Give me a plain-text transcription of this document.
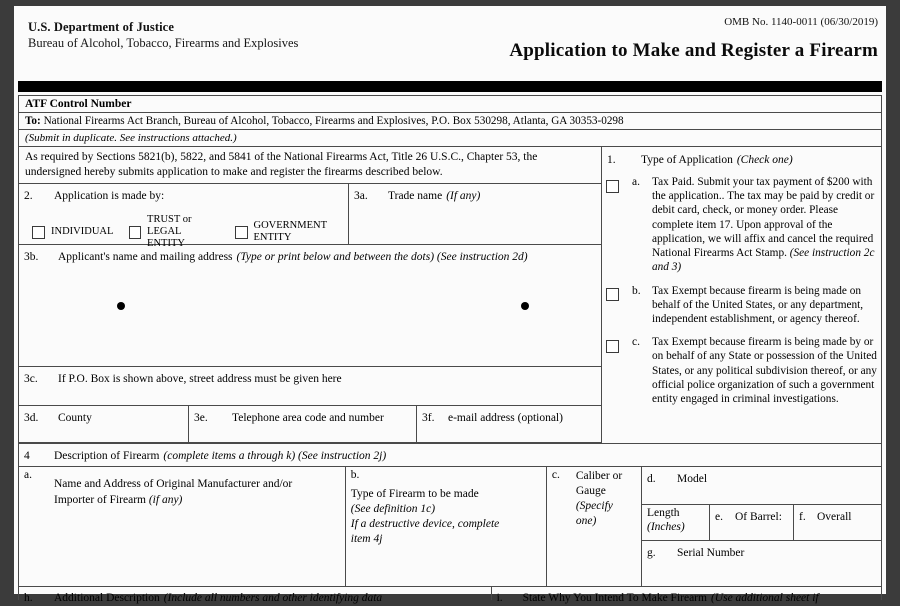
U.S. Department of Justice
Bureau of Alcohol, Tobacco, Firearms and Explosives
OMB No. 1140-0011 (06/30/2019)
Application to Make and Register a Firearm
ATF Control Number
To: National Firearms Act Branch, Bureau of Alcohol, Tobacco, Firearms and Explosives, P.O. Box 530298, Atlanta, GA 30353-0298
(Submit in duplicate. See instructions attached.)
As required by Sections 5821(b), 5822, and 5841 of the National Firearms Act, Title 26 U.S.C., Chapter 53, the undersigned hereby submits application to make and register the firearms described below.
2. Application is made by:
INDIVIDUAL
TRUST or LEGAL
ENTITY
GOVERNMENT
ENTITY
3a. Trade name (If any)
3b. Applicant's name and mailing address (Type or print below and between the dots) (See instruction 2d)
3c. If P.O. Box is shown above, street address must be given here
3d. County	3e. Telephone area code and number	3f. e-mail address (optional)
1. Type of Application (Check one)
a.	Tax Paid. Submit your tax payment of $200 with the application.. The tax may be paid by credit or debit card, check, or money order. Please complete item 17. Upon approval of the application, we will affix and cancel the required National Firearms Act Stamp. (See instruction 2c and 3)
b.	Tax Exempt because firearm is being made on behalf of the United States, or any department, independent establishment, or agency thereof.
c.	Tax Exempt because firearm is being made by or on behalf of any State or possession of the United States, or any political subdivision thereof, or any official police organization of such a government entity engaged in criminal investigations.
4 Description of Firearm (complete items a through k) (See instruction 2j)
a. Name and Address of Original Manufacturer and/or
Importer of Firearm (if any)
b. Type of Firearm to be made
(See definition 1c)
If a destructive device, complete
item 4j
c. Caliber or
Gauge
(Specify
one)
d. Model
Length
(Inches)
e. Of Barrel:	f. Overall
g. Serial Number
h. Additional Description (Include all numbers and other identifying data	i. State Why You Intend To Make Firearm (Use additional sheet if
